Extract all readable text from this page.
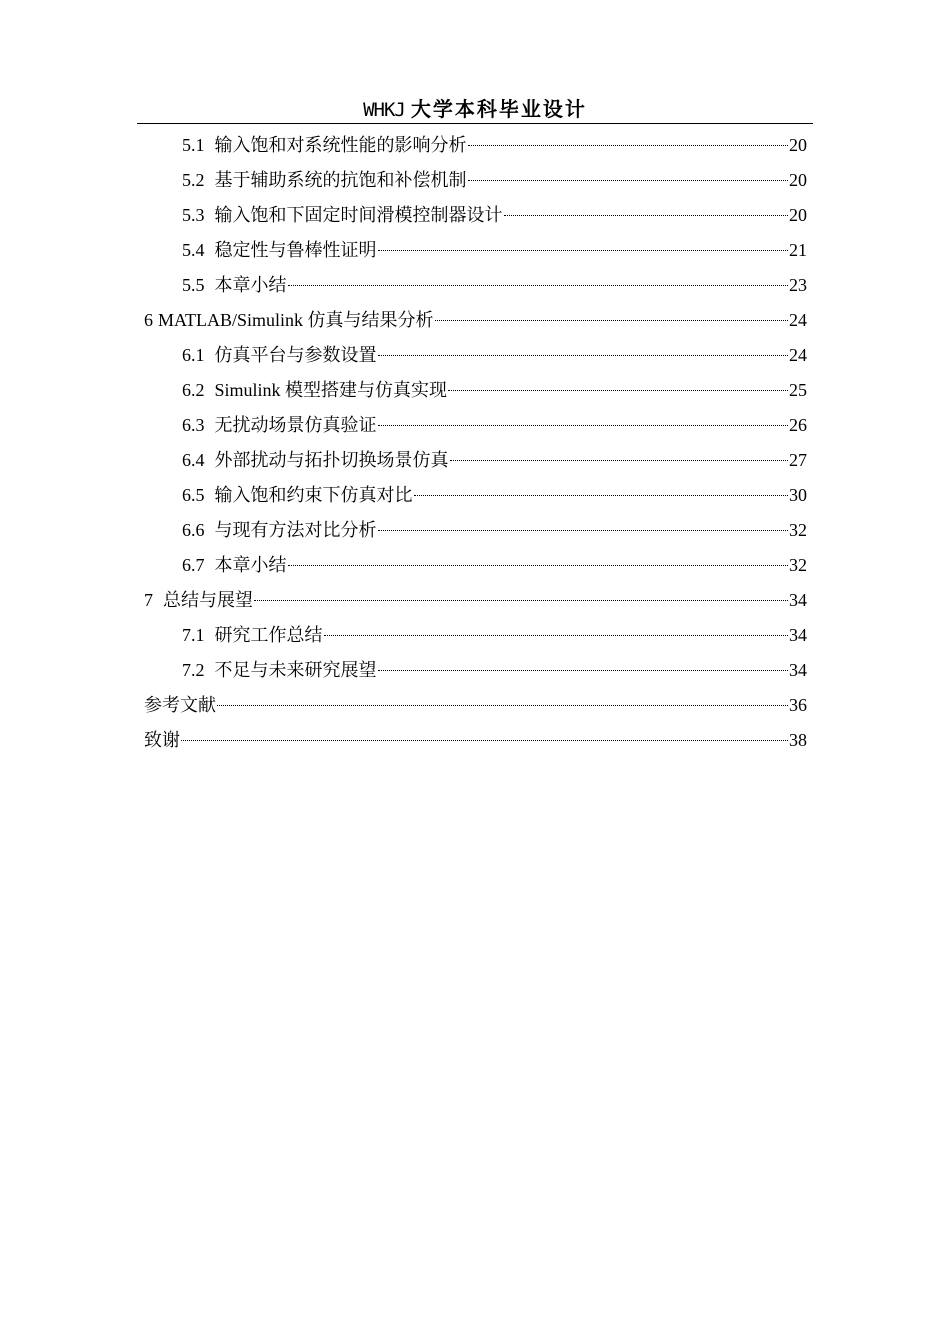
WHKJ 大学本科毕业设计
5.1 输入饱和对系统性能的影响分析	20
5.2 基于辅助系统的抗饱和补偿机制	20
5.3 输入饱和下固定时间滑模控制器设计	20
5.4 稳定性与鲁棒性证明	21
5.5 本章小结	23
6 MATLAB/Simulink 仿真与结果分析	24
6.1 仿真平台与参数设置	24
6.2 Simulink 模型搭建与仿真实现	25
6.3 无扰动场景仿真验证	26
6.4 外部扰动与拓扑切换场景仿真	27
6.5 输入饱和约束下仿真对比	30
6.6 与现有方法对比分析	32
6.7 本章小结	32
7 总结与展望	34
7.1 研究工作总结	34
7.2 不足与未来研究展望	34
参考文献	36
致谢	38
